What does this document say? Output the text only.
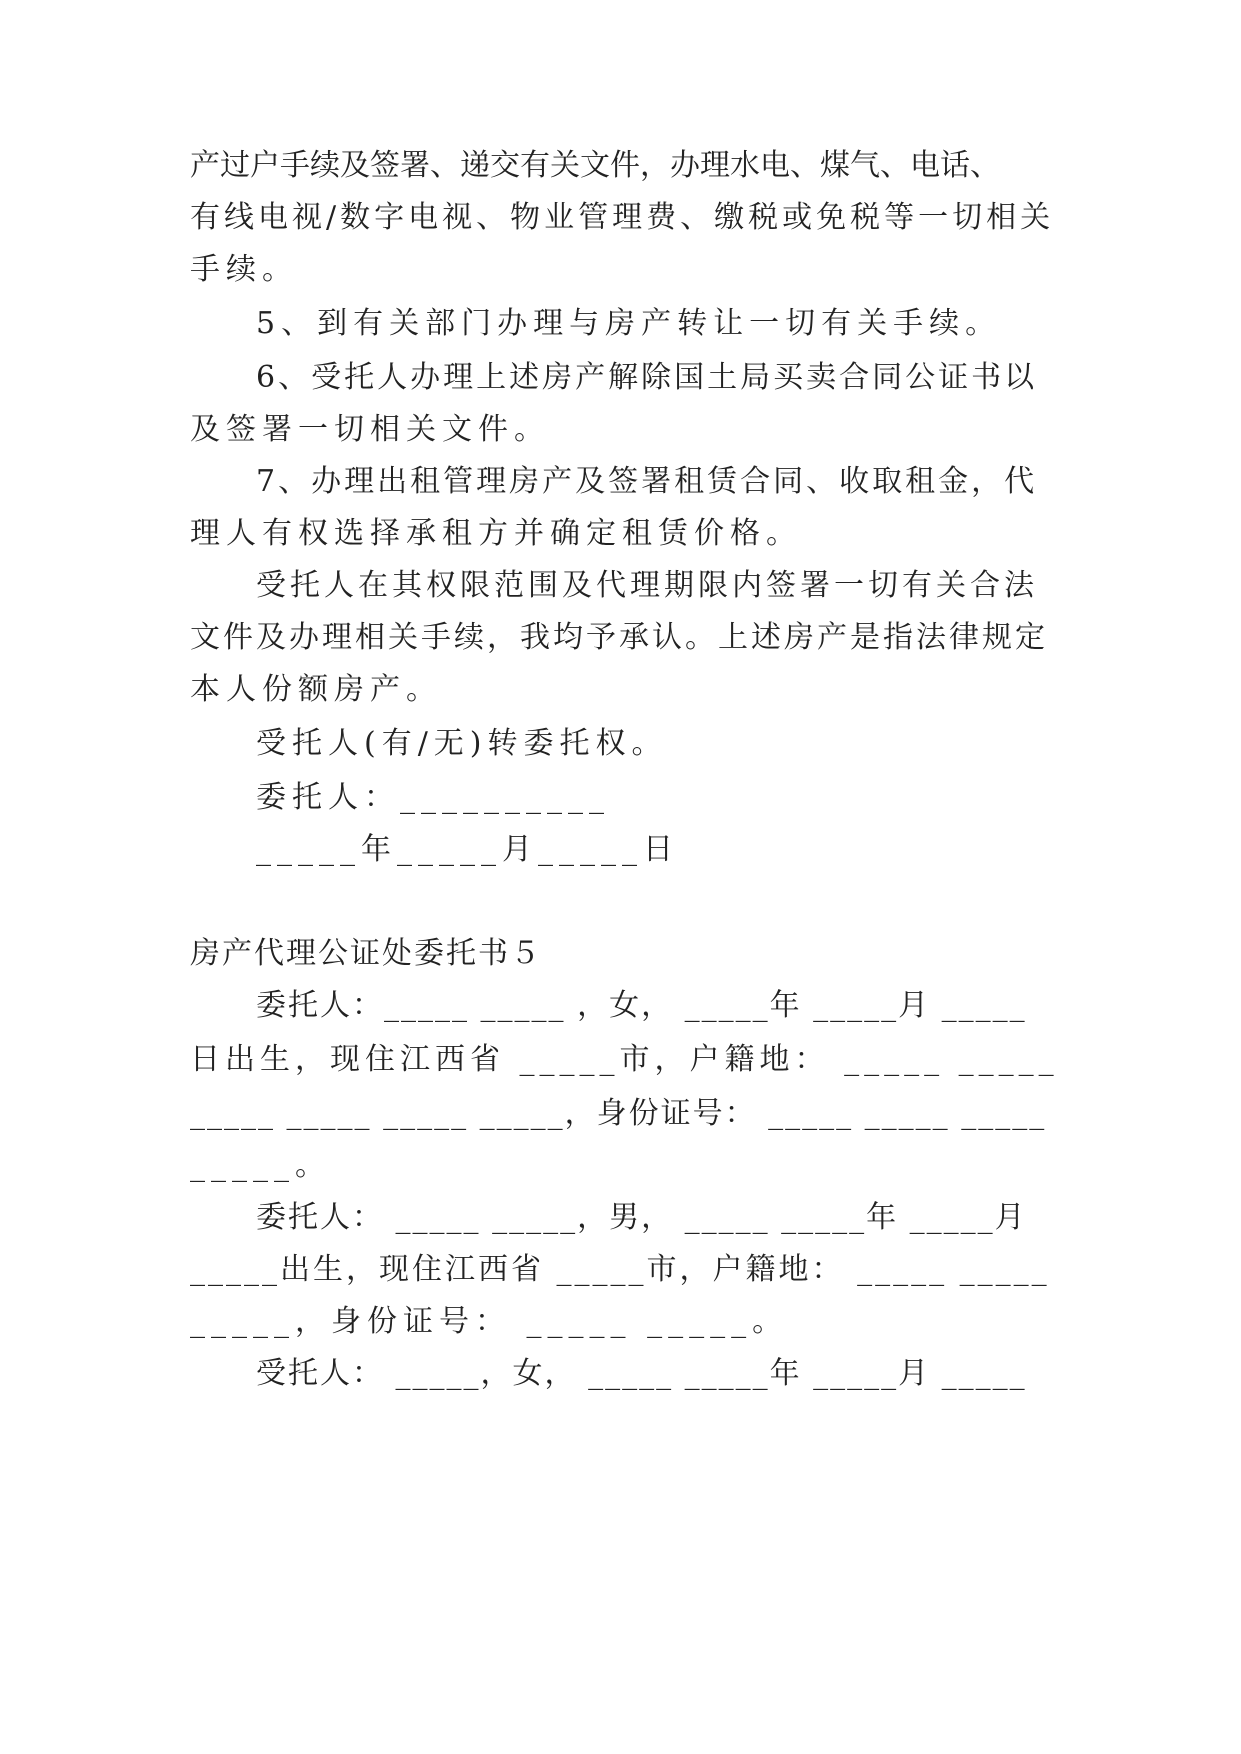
产过户手续及签署、递交有关文件，办理水电、煤气、电话、
有线电视/数字电视、物业管理费、缴税或免税等一切相关
手续。
5、到有关部门办理与房产转让一切有关手续。
6、受托人办理上述房产解除国土局买卖合同公证书以
及签署一切相关文件。
7、办理出租管理房产及签署租赁合同、收取租金，代
理人有权选择承租方并确定租赁价格。
受托人在其权限范围及代理期限内签署一切有关合法
文件及办理相关手续，我均予承认。上述房产是指法律规定
本人份额房产。
受托人(有/无)转委托权。
委托人：__________
_____年_____月_____日
房产代理公证处委托书５
委托人：_____ _____ ，女， _____年 _____月 _____
日出生，现住江西省 _____市，户籍地： _____ _____
_____ _____ _____ _____，身份证号： _____ _____ _____
_____。
委托人： _____ _____，男， _____ _____年 _____月
_____出生，现住江西省 _____市，户籍地： _____ _____
_____，身份证号： _____ _____。
受托人： _____，女， _____ _____年 _____月 _____
